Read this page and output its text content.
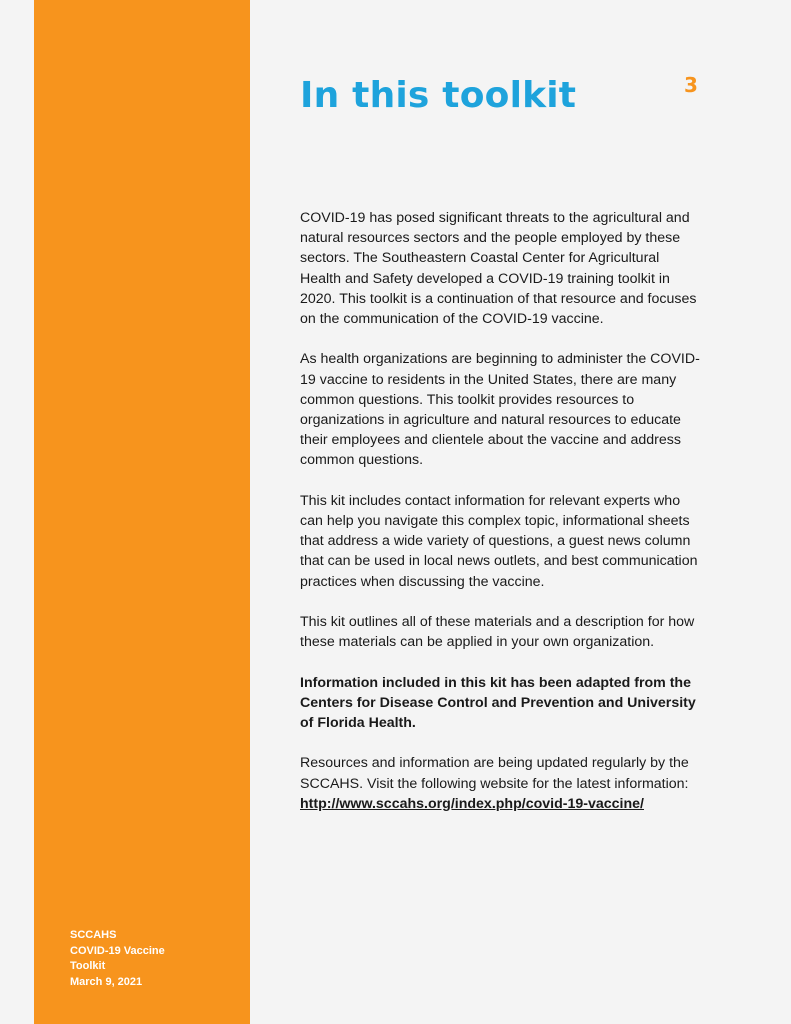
SCCAHS
COVID-19 Vaccine
Toolkit
March 9, 2021
In this toolkit	3

COVID-19 has posed significant threats to the agricultural and natural resources sectors and the people employed by these sectors. The Southeastern Coastal Center for Agricultural Health and Safety developed a COVID-19 training toolkit in 2020. This toolkit is a continuation of that resource and focuses on the communication of the COVID-19 vaccine.

As health organizations are beginning to administer the COVID-19 vaccine to residents in the United States, there are many common questions. This toolkit provides resources to organizations in agriculture and natural resources to educate their employees and clientele about the vaccine and address common questions.

This kit includes contact information for relevant experts who can help you navigate this complex topic, informational sheets that address a wide variety of questions, a guest news column that can be used in local news outlets, and best communication practices when discussing the vaccine.

This kit outlines all of these materials and a description for how these materials can be applied in your own organization.

Information included in this kit has been adapted from the Centers for Disease Control and Prevention and University of Florida Health.

Resources and information are being updated regularly by the SCCAHS. Visit the following website for the latest information:
http://www.sccahs.org/index.php/covid-19-vaccine/
